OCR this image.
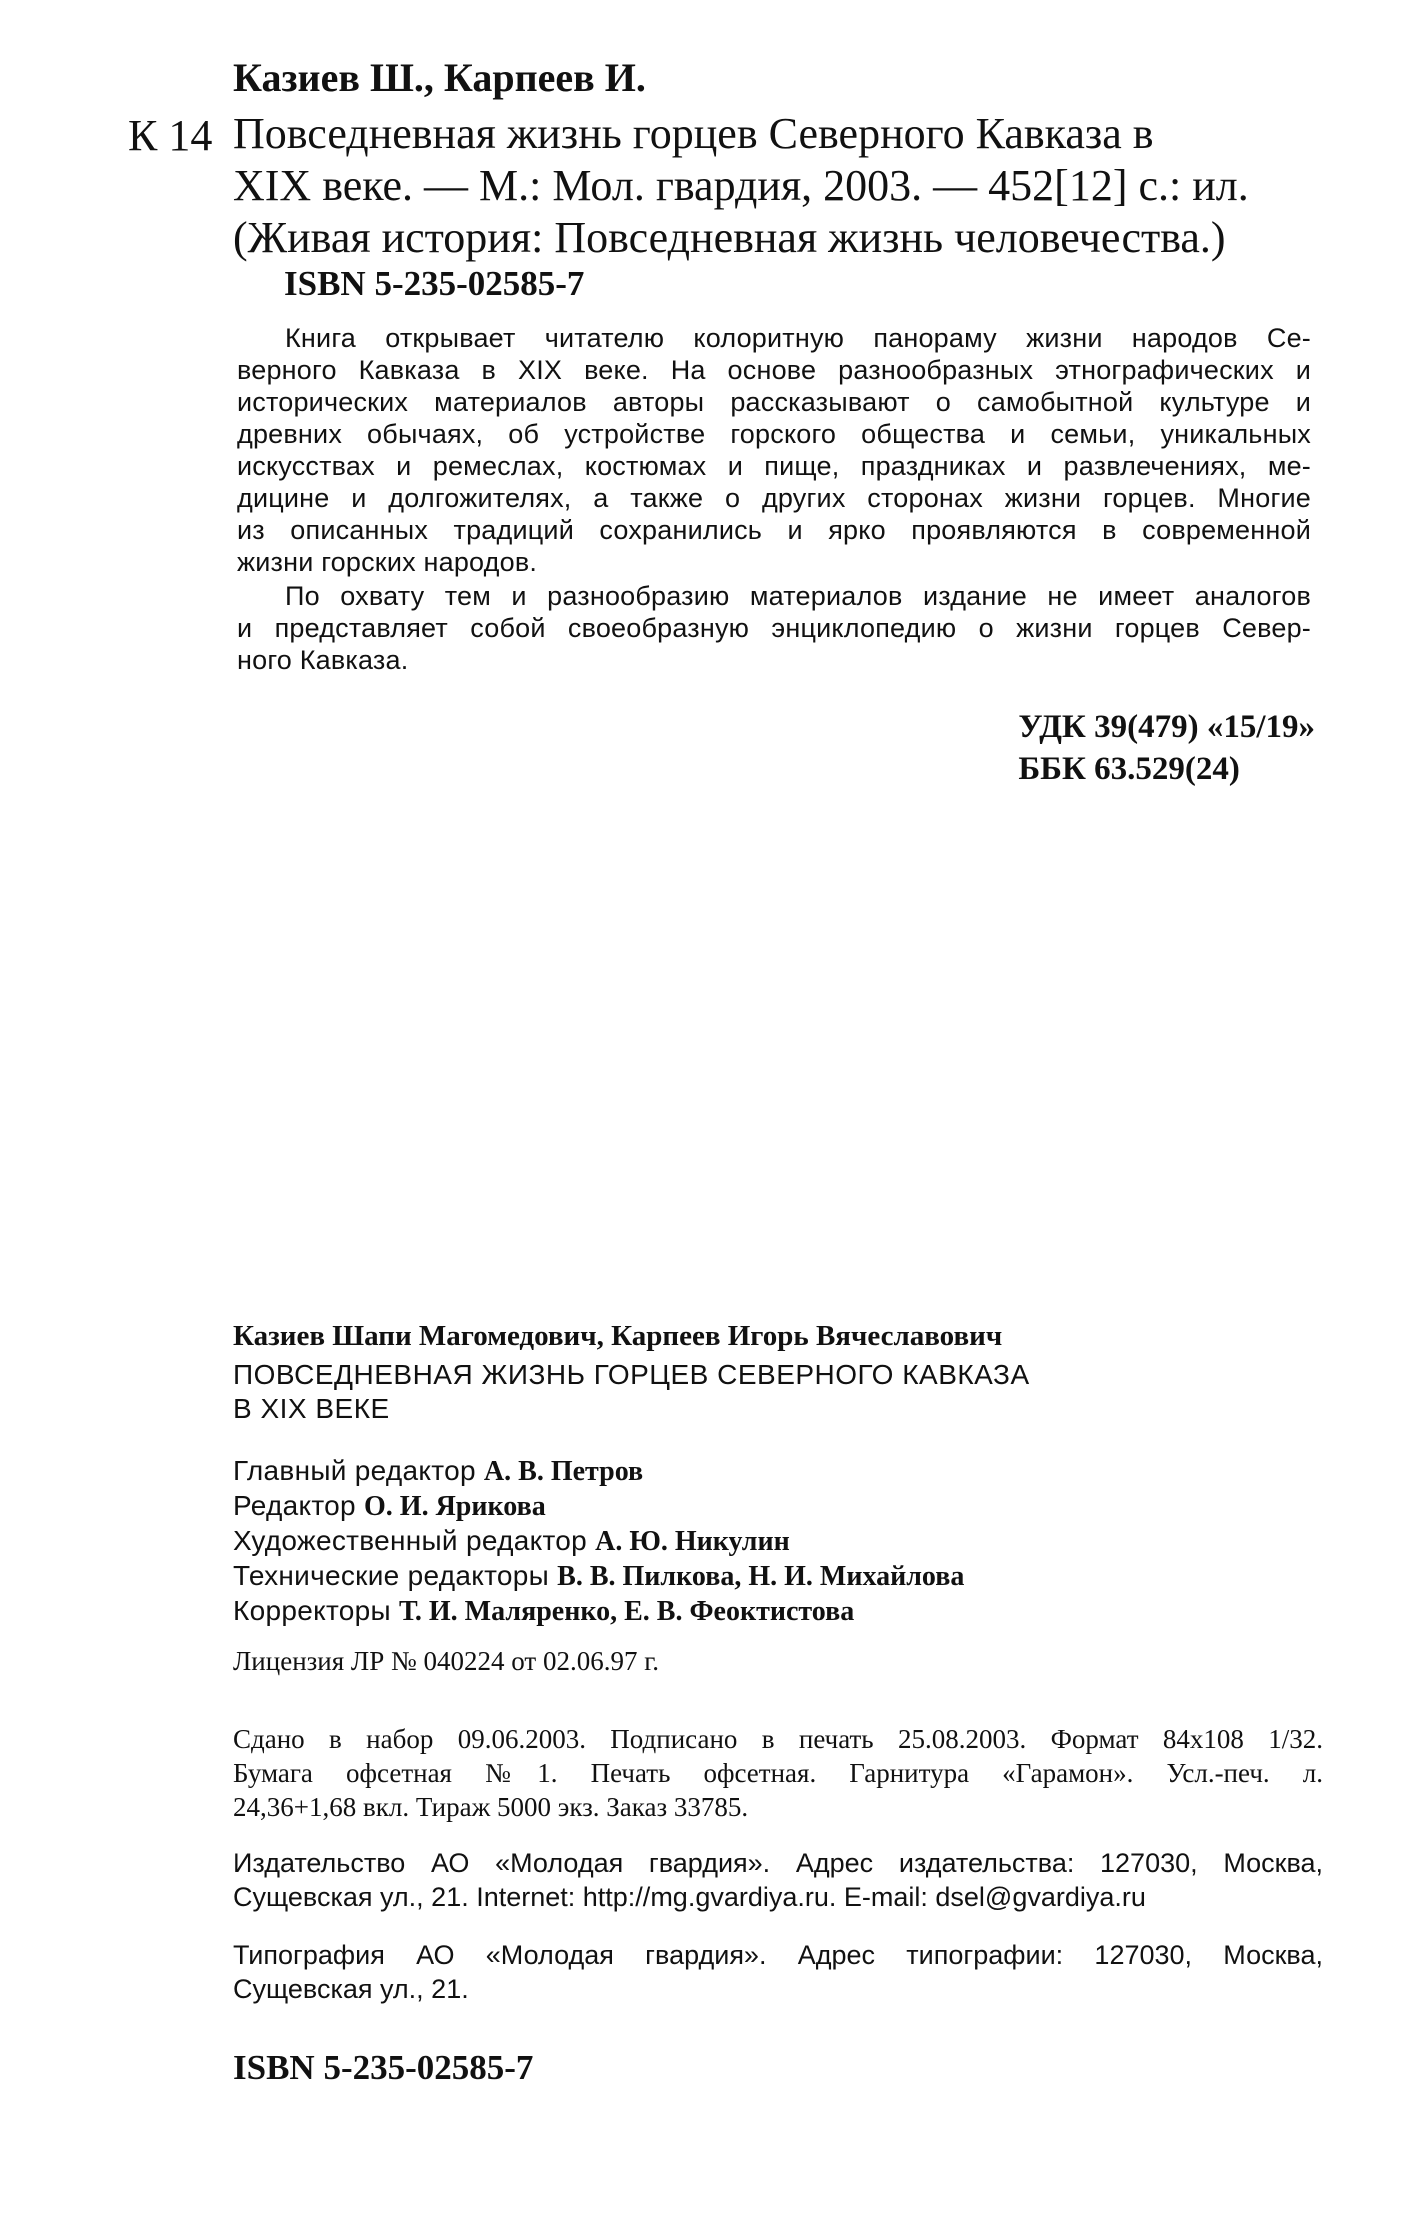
Казиев Ш., Карпеев И.
К 14 Повседневная жизнь горцев Северного Кавказа в
XIX веке. — М.: Мол. гвардия, 2003. — 452[12] с.: ил.
(Живая история: Повседневная жизнь человечества.)
ISBN 5-235-02585-7

Книга открывает читателю колоритную панораму жизни народов Се-
верного Кавказа в XIX веке. На основе разнообразных этнографических и
исторических материалов авторы рассказывают о самобытной культуре и
древних обычаях, об устройстве горского общества и семьи, уникальных
искусствах и ремеслах, костюмах и пище, праздниках и развлечениях, ме-
дицине и долгожителях, а также о других сторонах жизни горцев. Многие
из описанных традиций сохранились и ярко проявляются в современной
жизни горских народов.

По охвату тем и разнообразию материалов издание не имеет аналогов
и представляет собой своеобразную энциклопедию о жизни горцев Север-
ного Кавказа.

УДК 39(479) «15/19»
ББК 63.529(24)

Казиев Шапи Магомедович, Карпеев Игорь Вячеславович

ПОВСЕДНЕВНАЯ ЖИЗНЬ ГОРЦЕВ СЕВЕРНОГО КАВКАЗА
В XIX ВЕКЕ

Главный редактор А. В. Петров
Редактор О. И. Ярикова
Художественный редактор А. Ю. Никулин
Технические редакторы В. В. Пилкова, Н. И. Михайлова
Корректоры Т. И. Маляренко, Е. В. Феоктистова
Лицензия ЛР № 040224 от 02.06.97 г.
Сдано в набор 09.06.2003. Подписано в печать 25.08.2003. Формат 84x108 1/32.
Бумага офсетная №1. Печать офсетная. Гарнитура «Гарамон». Усл.-печ. л.
24,36+1,68 вкл. Тираж 5000 экз. Заказ 33785.
Издательство АО «Молодая гвардия». Адрес издательства: 127030, Москва,
Сущевская ул., 21. Internet: http://mg.gvardiya.ru. E-mail: dsel@gvardiya.ru
Типография АО «Молодая гвардия». Адрес типографии: 127030, Москва,
Сущевская ул., 21.
ISBN 5-235-02585-7
